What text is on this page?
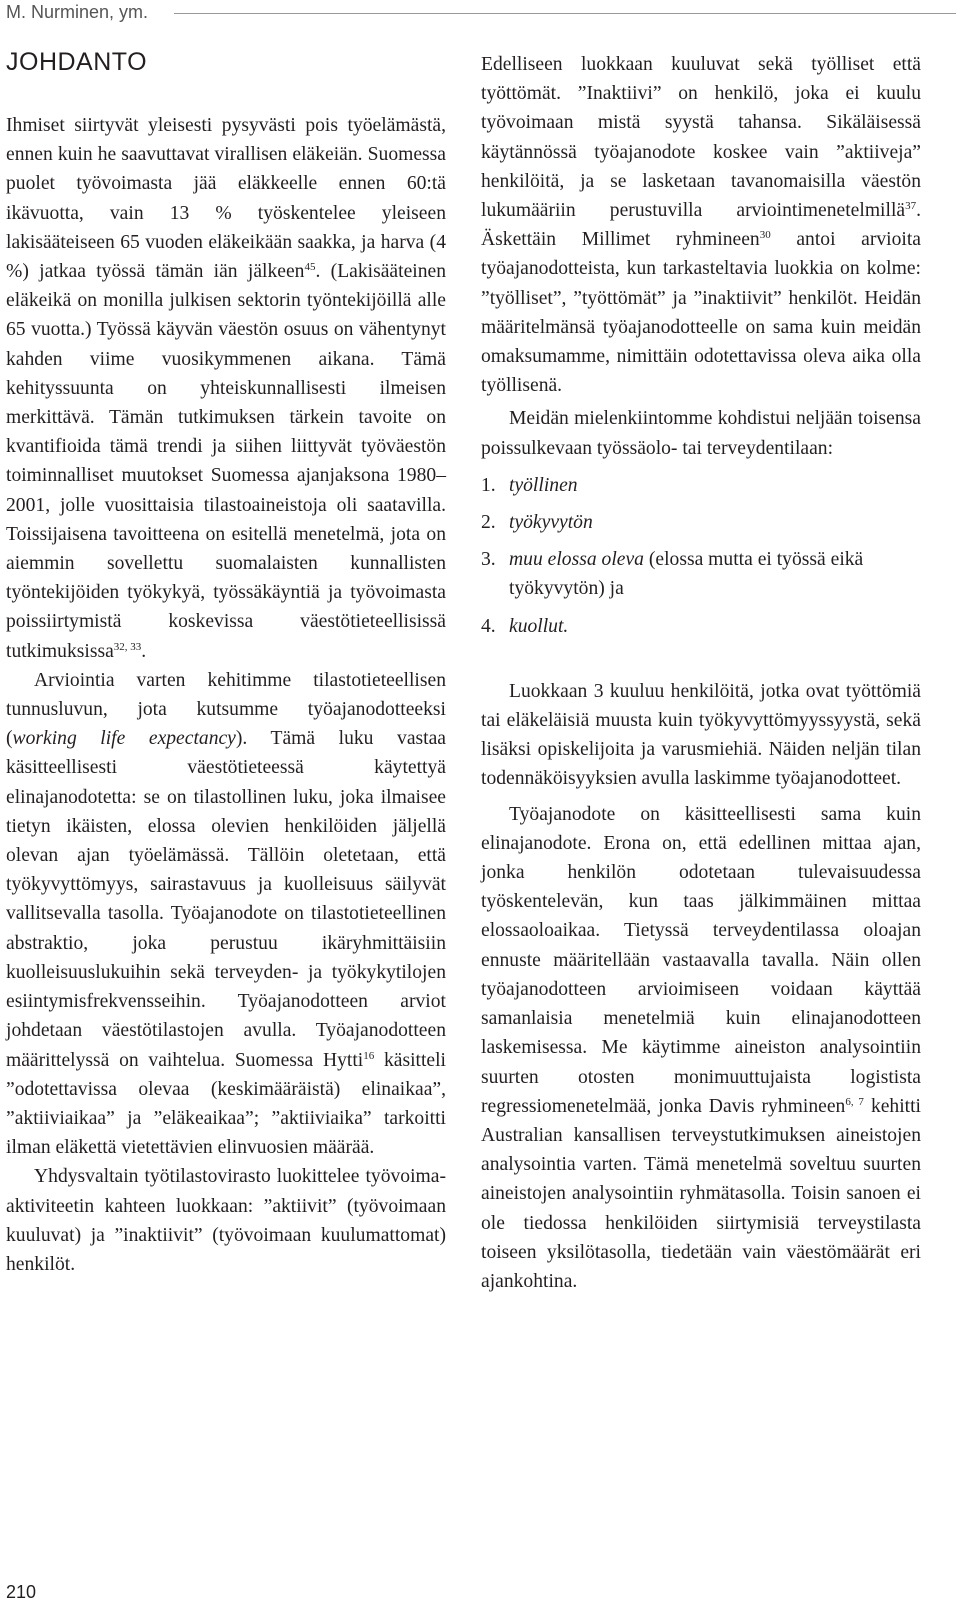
M. Nurminen, ym.
JOHDANTO

Ihmiset siirtyvät yleisesti pysyvästi pois työelämästä, ennen kuin he saavuttavat virallisen eläkeiän. Suomessa puolet työvoimasta jää eläkkeelle ennen 60:tä ikävuotta, vain 13 % työskentelee yleiseen lakisääteiseen 65 vuoden eläkeikään saakka, ja harva (4 %) jatkaa työssä tämän iän jälkeen$^{45}$. (Lakisääteinen eläkeikä on monilla julkisen sektorin työntekijöillä alle 65 vuotta.) Työssä käyvän väestön osuus on vähentynyt kahden viime vuosikymmenen aikana. Tämä kehityssuunta on yhteiskunnallisesti ilmeisen merkittävä. Tämän tutkimuksen tärkein tavoite on kvantifioida tämä trendi ja siihen liittyvät työväestön toiminnalliset muutokset Suomessa ajanjaksona 1980–2001, jolle vuosittaisia tilastoaineistoja oli saatavilla. Toissijaisena tavoitteena on esitellä menetelmä, jota on aiemmin sovellettu suomalaisten kunnallisten työntekijöiden työkykyä, työssäkäyntiä ja työvoimasta poissiirtymistä koskevissa väestötieteellisissä tutkimuksissa$^{32, 33}$.

Arviointia varten kehitimme tilastotieteellisen tunnusluvun, jota kutsumme työajanodotteeksi (working life expectancy). Tämä luku vastaa käsitteellisesti väestötieteessä käytettyä elinajanodotetta: se on tilastollinen luku, joka ilmaisee tietyn ikäisten, elossa olevien henkilöiden jäljellä olevan ajan työelämässä. Tällöin oletetaan, että työkyvyttömyys, sairastavuus ja kuolleisuus säilyvät vallitsevalla tasolla. Työajanodote on tilastotieteellinen abstraktio, joka perustuu ikäryhmittäisiin kuolleisuuslukuihin sekä terveyden- ja työkykytilojen esiintymisfrekvensseihin. Työajanodotteen arviot johdetaan väestötilastojen avulla. Työajanodotteen määrittelyssä on vaihtelua. Suomessa Hytti$^{16}$ käsitteli ”odotettavissa olevaa (keskimääräistä) elinaikaa”, ”aktiiviaikaa” ja ”eläkeaikaa”; ”aktiiviaika” tarkoitti ilman eläkettä vietettävien elinvuosien määrää.

Yhdysvaltain työtilastovirasto luokittelee työvoima-aktiviteetin kahteen luokkaan: ”aktiivit” (työvoimaan kuuluvat) ja ”inaktiivit” (työvoimaan kuulumattomat) henkilöt.

Edelliseen luokkaan kuuluvat sekä työlliset että työttömät. ”Inaktiivi” on henkilö, joka ei kuulu työvoimaan mistä syystä tahansa. Sikäläisessä käytännössä työajanodote koskee vain ”aktiiveja” henkilöitä, ja se lasketaan tavanomaisilla väestön lukumääriin perustuvilla arviointimenetelmillä$^{37}$. Äskettäin Millimet ryhmineen$^{30}$ antoi arvioita työajanodotteista, kun tarkasteltavia luokkia on kolme: ”työlliset”, ”työttömät” ja ”inaktiivit” henkilöt. Heidän määritelmänsä työajanodotteelle on sama kuin meidän omaksumamme, nimittäin odotettavissa oleva aika olla työllisenä.

Meidän mielenkiintomme kohdistui neljään toisensa poissulkevaan työssäolo- tai terveydentilaan:

1. työllinen
2. työkyvytön
3. muu elossa oleva (elossa mutta ei työssä eikä työkyvytön) ja
4. kuollut.

Luokkaan 3 kuuluu henkilöitä, jotka ovat työttömiä tai eläkeläisiä muusta kuin työkyvyttömyyssyystä, sekä lisäksi opiskelijoita ja varusmiehiä. Näiden neljän tilan todennäköisyyksien avulla laskimme työajanodotteet.

Työajanodote on käsitteellisesti sama kuin elinajanodote. Erona on, että edellinen mittaa ajan, jonka henkilön odotetaan tulevaisuudessa työskentelevän, kun taas jälkimmäinen mittaa elossaoloaikaa. Tietyssä terveydentilassa oloajan ennuste määritellään vastaavalla tavalla. Näin ollen työajanodotteen arvioimiseen voidaan käyttää samanlaisia menetelmiä kuin elinajanodotteen laskemisessa. Me käytimme aineiston analysointiin suurten otosten monimuuttujaista logistista regressiomenetelmää, jonka Davis ryhmineen$^{6, 7}$ kehitti Australian kansallisen terveystutkimuksen aineistojen analysointia varten. Tämä menetelmä soveltuu suurten aineistojen analysointiin ryhmätasolla. Toisin sanoen ei ole tiedossa henkilöiden siirtymisiä terveystilasta toiseen yksilötasolla, tiedetään vain väestömäärät eri ajankohtina.

210
